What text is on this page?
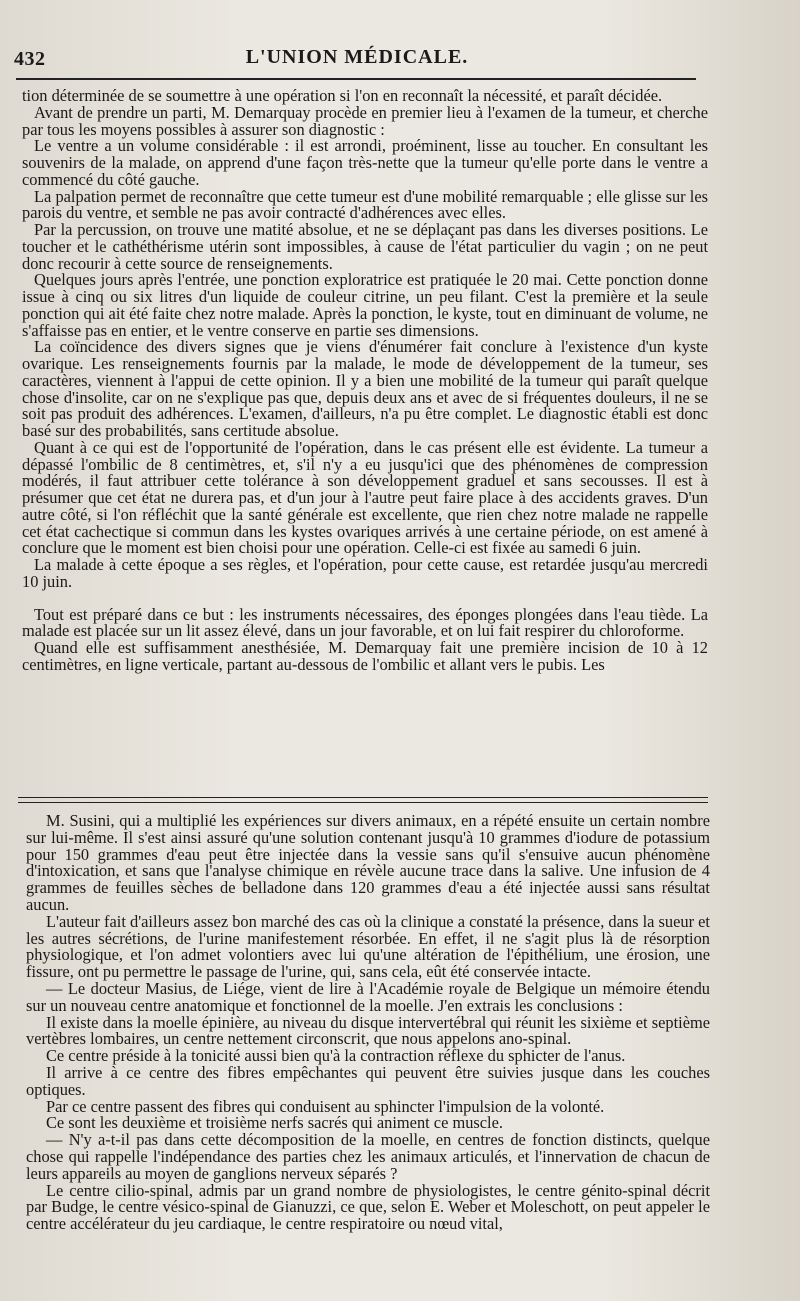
432	L'UNION MÉDICALE.

tion déterminée de se soumettre à une opération si l'on en reconnaît la nécessité, et paraît décidée.

Avant de prendre un parti, M. Demarquay procède en premier lieu à l'examen de la tumeur, et cherche par tous les moyens possibles à assurer son diagnostic :

Le ventre a un volume considérable : il est arrondi, proéminent, lisse au toucher. En consultant les souvenirs de la malade, on apprend d'une façon très-nette que la tumeur qu'elle porte dans le ventre a commencé du côté gauche.

La palpation permet de reconnaître que cette tumeur est d'une mobilité remarquable ; elle glisse sur les parois du ventre, et semble ne pas avoir contracté d'adhérences avec elles.

Par la percussion, on trouve une matité absolue, et ne se déplaçant pas dans les diverses positions. Le toucher et le cathéthérisme utérin sont impossibles, à cause de l'état particulier du vagin ; on ne peut donc recourir à cette source de renseignements.

Quelques jours après l'entrée, une ponction exploratrice est pratiquée le 20 mai. Cette ponction donne issue à cinq ou six litres d'un liquide de couleur citrine, un peu filant. C'est la première et la seule ponction qui ait été faite chez notre malade. Après la ponction, le kyste, tout en diminuant de volume, ne s'affaisse pas en entier, et le ventre conserve en partie ses dimensions.

La coïncidence des divers signes que je viens d'énumérer fait conclure à l'existence d'un kyste ovarique. Les renseignements fournis par la malade, le mode de développement de la tumeur, ses caractères, viennent à l'appui de cette opinion. Il y a bien une mobilité de la tumeur qui paraît quelque chose d'insolite, car on ne s'explique pas que, depuis deux ans et avec de si fréquentes douleurs, il ne se soit pas produit des adhérences. L'examen, d'ailleurs, n'a pu être complet. Le diagnostic établi est donc basé sur des probabilités, sans certitude absolue.

Quant à ce qui est de l'opportunité de l'opération, dans le cas présent elle est évidente. La tumeur a dépassé l'ombilic de 8 centimètres, et, s'il n'y a eu jusqu'ici que des phénomènes de compression modérés, il faut attribuer cette tolérance à son développement graduel et sans secousses. Il est à présumer que cet état ne durera pas, et d'un jour à l'autre peut faire place à des accidents graves. D'un autre côté, si l'on réfléchit que la santé générale est excellente, que rien chez notre malade ne rappelle cet état cachectique si commun dans les kystes ovariques arrivés à une certaine période, on est amené à conclure que le moment est bien choisi pour une opération. Celle-ci est fixée au samedi 6 juin.

La malade à cette époque a ses règles, et l'opération, pour cette cause, est retardée jusqu'au mercredi 10 juin.

Tout est préparé dans ce but : les instruments nécessaires, des éponges plongées dans l'eau tiède. La malade est placée sur un lit assez élevé, dans un jour favorable, et on lui fait respirer du chloroforme.

Quand elle est suffisamment anesthésiée, M. Demarquay fait une première incision de 10 à 12 centimètres, en ligne verticale, partant au-dessous de l'ombilic et allant vers le pubis. Les

M. Susini, qui a multiplié les expériences sur divers animaux, en a répété ensuite un certain nombre sur lui-même. Il s'est ainsi assuré qu'une solution contenant jusqu'à 10 grammes d'iodure de potassium pour 150 grammes d'eau peut être injectée dans la vessie sans qu'il s'ensuive aucun phénomène d'intoxication, et sans que l'analyse chimique en révèle aucune trace dans la salive. Une infusion de 4 grammes de feuilles sèches de belladone dans 120 grammes d'eau a été injectée aussi sans résultat aucun.

L'auteur fait d'ailleurs assez bon marché des cas où la clinique a constaté la présence, dans la sueur et les autres sécrétions, de l'urine manifestement résorbée. En effet, il ne s'agit plus là de résorption physiologique, et l'on admet volontiers avec lui qu'une altération de l'épithélium, une érosion, une fissure, ont pu permettre le passage de l'urine, qui, sans cela, eût été conservée intacte.

— Le docteur Masius, de Liége, vient de lire à l'Académie royale de Belgique un mémoire étendu sur un nouveau centre anatomique et fonctionnel de la moelle. J'en extrais les conclusions :

Il existe dans la moelle épinière, au niveau du disque intervertébral qui réunit les sixième et septième vertèbres lombaires, un centre nettement circonscrit, que nous appelons ano-spinal.

Ce centre préside à la tonicité aussi bien qu'à la contraction réflexe du sphicter de l'anus.

Il arrive à ce centre des fibres empêchantes qui peuvent être suivies jusque dans les couches optiques.

Par ce centre passent des fibres qui conduisent au sphincter l'impulsion de la volonté.

Ce sont les deuxième et troisième nerfs sacrés qui animent ce muscle.

— N'y a-t-il pas dans cette décomposition de la moelle, en centres de fonction distincts, quelque chose qui rappelle l'indépendance des parties chez les animaux articulés, et l'innervation de chacun de leurs appareils au moyen de ganglions nerveux séparés ?

Le centre cilio-spinal, admis par un grand nombre de physiologistes, le centre génito-spinal décrit par Budge, le centre vésico-spinal de Gianuzzi, ce que, selon E. Weber et Moleschott, on peut appeler le centre accélérateur du jeu cardiaque, le centre respiratoire ou nœud vital,
